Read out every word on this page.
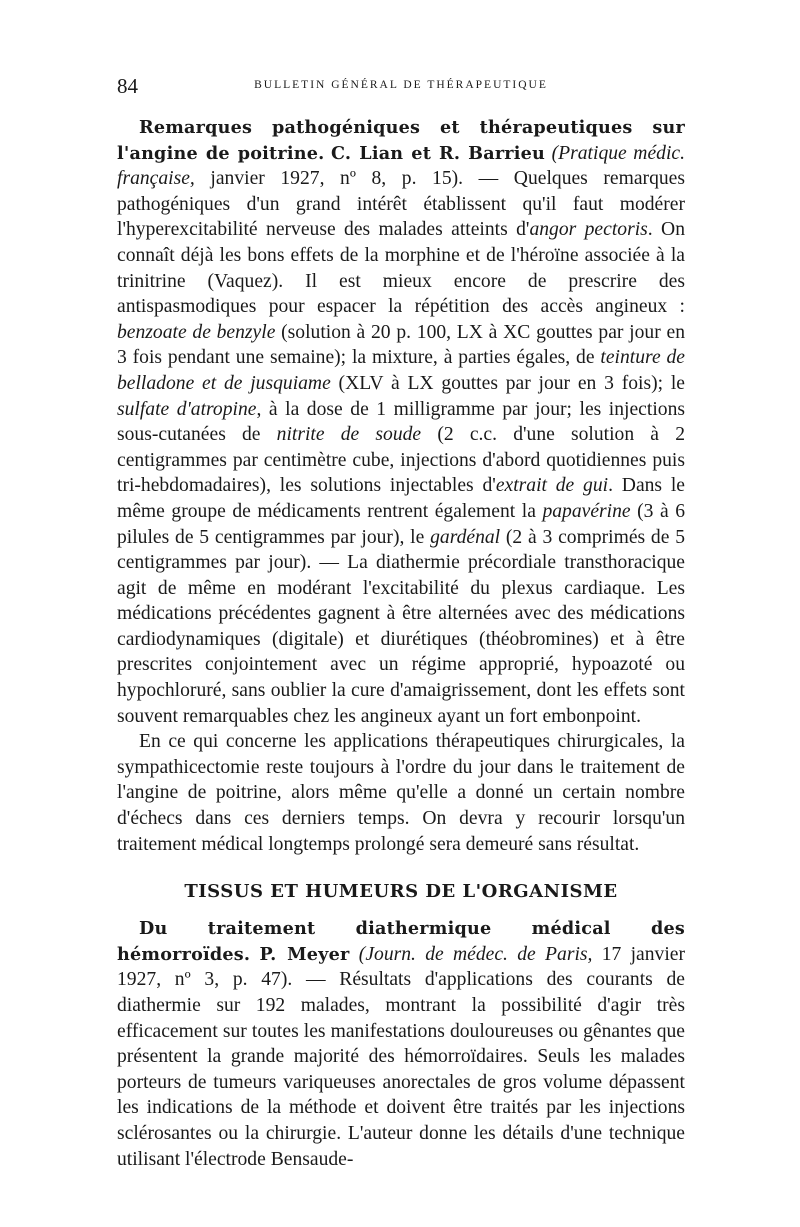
84	BULLETIN GÉNÉRAL DE THÉRAPEUTIQUE

Remarques pathogéniques et thérapeutiques sur l'angine de poitrine. C. Lian et R. Barrieu (Pratique médic. française, janvier 1927, nº 8, p. 15). — Quelques remarques pathogéniques d'un grand intérêt établissent qu'il faut modérer l'hyperexcitabilité nerveuse des malades atteints d'angor pectoris. On connaît déjà les bons effets de la morphine et de l'héroïne associée à la trinitrine (Vaquez). Il est mieux encore de prescrire des antispasmodiques pour espacer la répétition des accès angineux : benzoate de benzyle (solution à 20 p. 100, LX à XC gouttes par jour en 3 fois pendant une semaine); la mixture, à parties égales, de teinture de belladone et de jusquiame (XLV à LX gouttes par jour en 3 fois); le sulfate d'atropine, à la dose de 1 milligramme par jour; les injections sous-cutanées de nitrite de soude (2 c.c. d'une solution à 2 centigrammes par centimètre cube, injections d'abord quotidiennes puis tri-hebdomadaires), les solutions injectables d'extrait de gui. Dans le même groupe de médicaments rentrent également la papavérine (3 à 6 pilules de 5 centigrammes par jour), le gardénal (2 à 3 comprimés de 5 centigrammes par jour). — La diathermie précordiale transthoracique agit de même en modérant l'excitabilité du plexus cardiaque. Les médications précédentes gagnent à être alternées avec des médications cardiodynamiques (digitale) et diurétiques (théobromines) et à être prescrites conjointement avec un régime approprié, hypoazoté ou hypochloruré, sans oublier la cure d'amaigrissement, dont les effets sont souvent remarquables chez les angineux ayant un fort embonpoint.

En ce qui concerne les applications thérapeutiques chirurgicales, la sympathicectomie reste toujours à l'ordre du jour dans le traitement de l'angine de poitrine, alors même qu'elle a donné un certain nombre d'échecs dans ces derniers temps. On devra y recourir lorsqu'un traitement médical longtemps prolongé sera demeuré sans résultat.

TISSUS ET HUMEURS DE L'ORGANISME

Du traitement diathermique médical des hémorroïdes. P. Meyer (Journ. de médec. de Paris, 17 janvier 1927, nº 3, p. 47). — Résultats d'applications des courants de diathermie sur 192 malades, montrant la possibilité d'agir très efficacement sur toutes les manifestations douloureuses ou gênantes que présentent la grande majorité des hémorroïdaires. Seuls les malades porteurs de tumeurs variqueuses anorectales de gros volume dépassent les indications de la méthode et doivent être traités par les injections sclérosantes ou la chirurgie. L'auteur donne les détails d'une technique utilisant l'électrode Bensaude-
